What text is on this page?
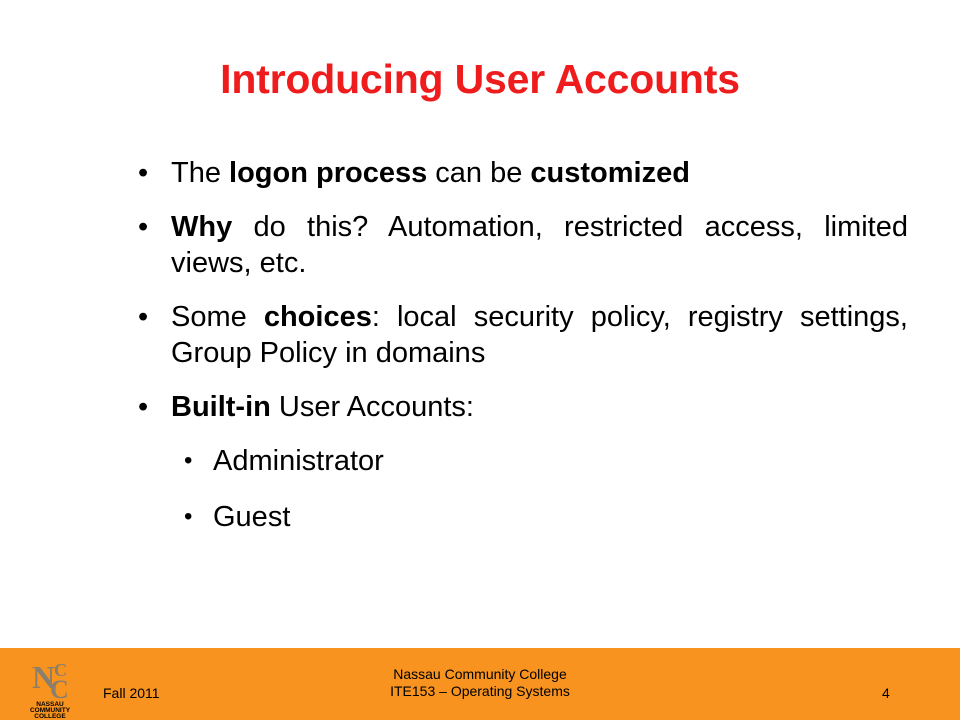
Introducing User Accounts
• The logon process can be customized
• Why do this? Automation, restricted access, limited views, etc.
• Some choices: local security policy, registry settings, Group Policy in domains
• Built-in User Accounts:
• Administrator
• Guest
N
C
C
NASSAU
COMMUNITY
COLLEGE
Fall 2011
Nassau Community College
ITE153 – Operating Systems	4
